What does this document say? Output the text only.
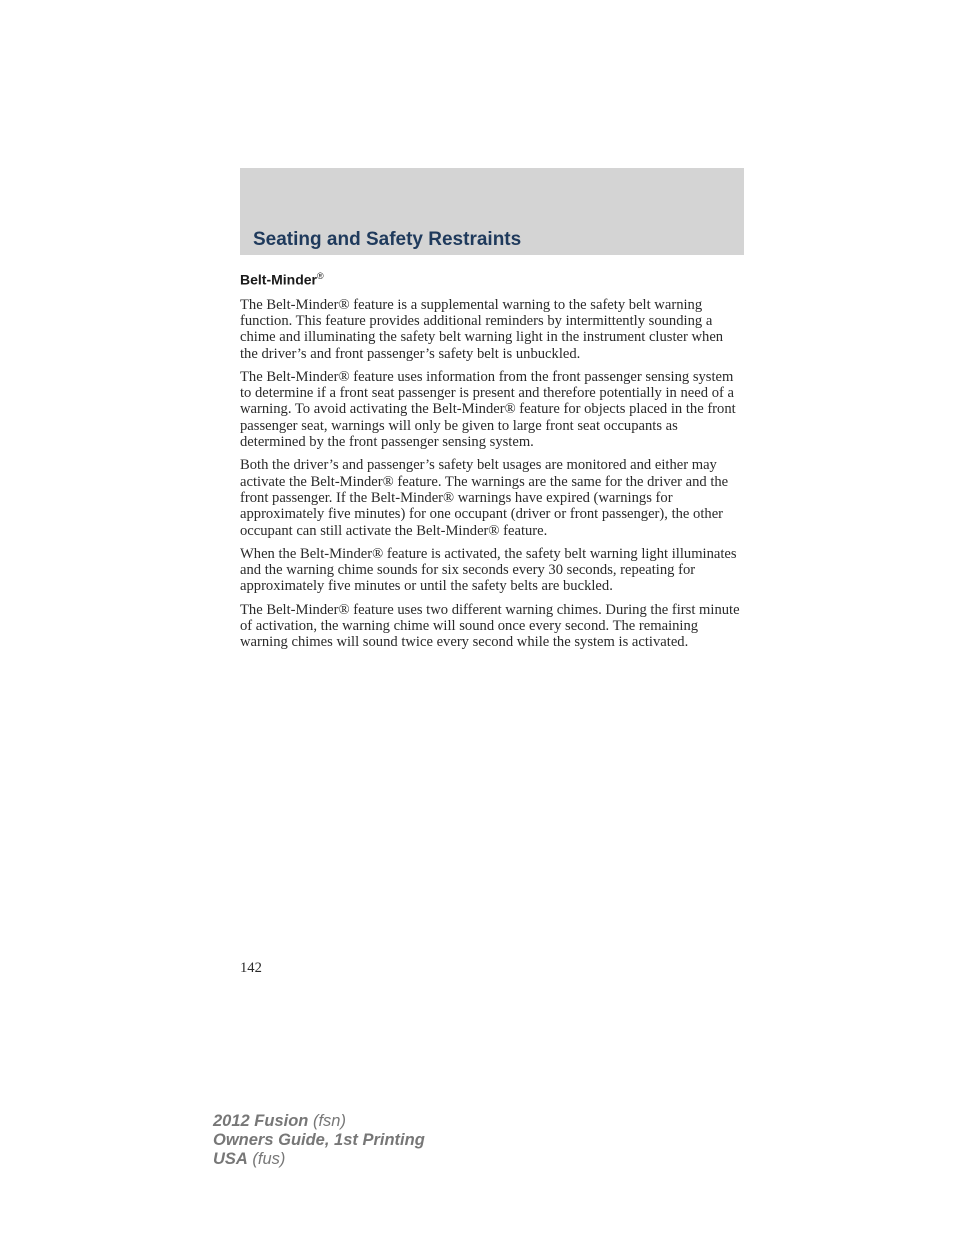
Seating and Safety Restraints
Belt-Minder®

The Belt-Minder® feature is a supplemental warning to the safety belt warning function. This feature provides additional reminders by intermittently sounding a chime and illuminating the safety belt warning light in the instrument cluster when the driver’s and front passenger’s safety belt is unbuckled.

The Belt-Minder® feature uses information from the front passenger sensing system to determine if a front seat passenger is present and therefore potentially in need of a warning. To avoid activating the Belt-Minder® feature for objects placed in the front passenger seat, warnings will only be given to large front seat occupants as determined by the front passenger sensing system.

Both the driver’s and passenger’s safety belt usages are monitored and either may activate the Belt-Minder® feature. The warnings are the same for the driver and the front passenger. If the Belt-Minder® warnings have expired (warnings for approximately five minutes) for one occupant (driver or front passenger), the other occupant can still activate the Belt-Minder® feature.

When the Belt-Minder® feature is activated, the safety belt warning light illuminates and the warning chime sounds for six seconds every 30 seconds, repeating for approximately five minutes or until the safety belts are buckled.

The Belt-Minder® feature uses two different warning chimes. During the first minute of activation, the warning chime will sound once every second. The remaining warning chimes will sound twice every second while the system is activated.

142
2012 Fusion (fsn)
Owners Guide, 1st Printing
USA (fus)
